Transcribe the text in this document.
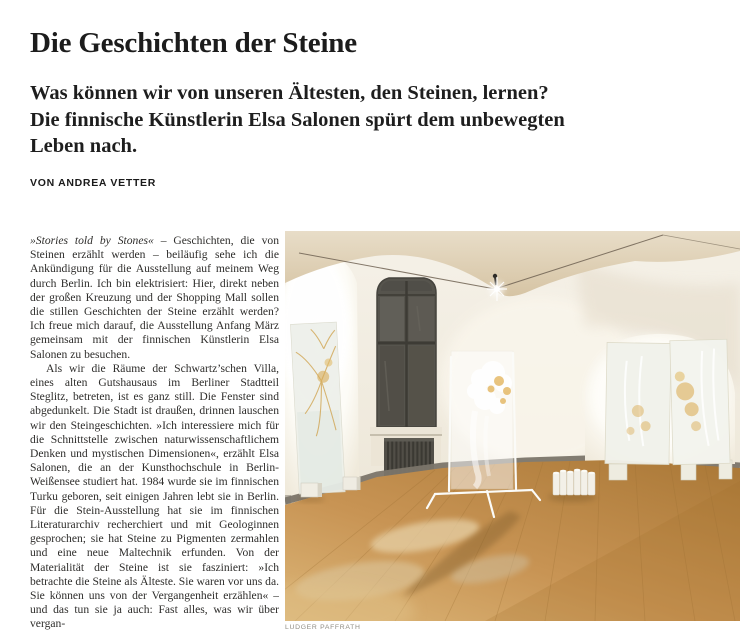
Die Geschichten der Steine

Was können wir von unseren Ältesten, den Steinen, lernen? Die finnische Künstlerin Elsa Salonen spürt dem unbewegten Leben nach.

VON ANDREA VETTER

»Stories told by Stones« – Geschichten, die von Steinen erzählt werden – beiläufig sehe ich die Ankündigung für die Ausstellung auf meinem Weg durch Berlin. Ich bin elektrisiert: Hier, direkt neben der großen Kreuzung und der Shopping Mall sollen die stillen Geschichten der Steine erzählt werden? Ich freue mich darauf, die Ausstellung Anfang März gemeinsam mit der finnischen Künstlerin Elsa Salonen zu besuchen.

Als wir die Räume der Schwartz’schen Villa, eines alten Gutshausaus im Berliner Stadtteil Steglitz, betreten, ist es ganz still. Die Fenster sind abgedunkelt. Die Stadt ist draußen, drinnen lauschen wir den Steingeschichten. »Ich interessiere mich für die Schnittstelle zwischen naturwissenschaftlichem Denken und mystischen Dimensionen«, erzählt Elsa Salonen, die an der Kunsthochschule in Berlin-Weißensee studiert hat. 1984 wurde sie im finnischen Turku geboren, seit einigen Jahren lebt sie in Berlin. Für die Stein-Ausstellung hat sie im finnischen Literaturarchiv recherchiert und mit Geologinnen gesprochen; sie hat Steine zu Pigmenten zermahlen und eine neue Maltechnik erfunden. Von der Materialität der Steine ist sie fasziniert: »Ich betrachte die Steine als Älteste. Sie waren vor uns da. Sie können uns von der Vergangenheit erzählen« – und das tun sie ja auch: Fast alles, was wir über vergan-	LUDGER PAFFRATH
